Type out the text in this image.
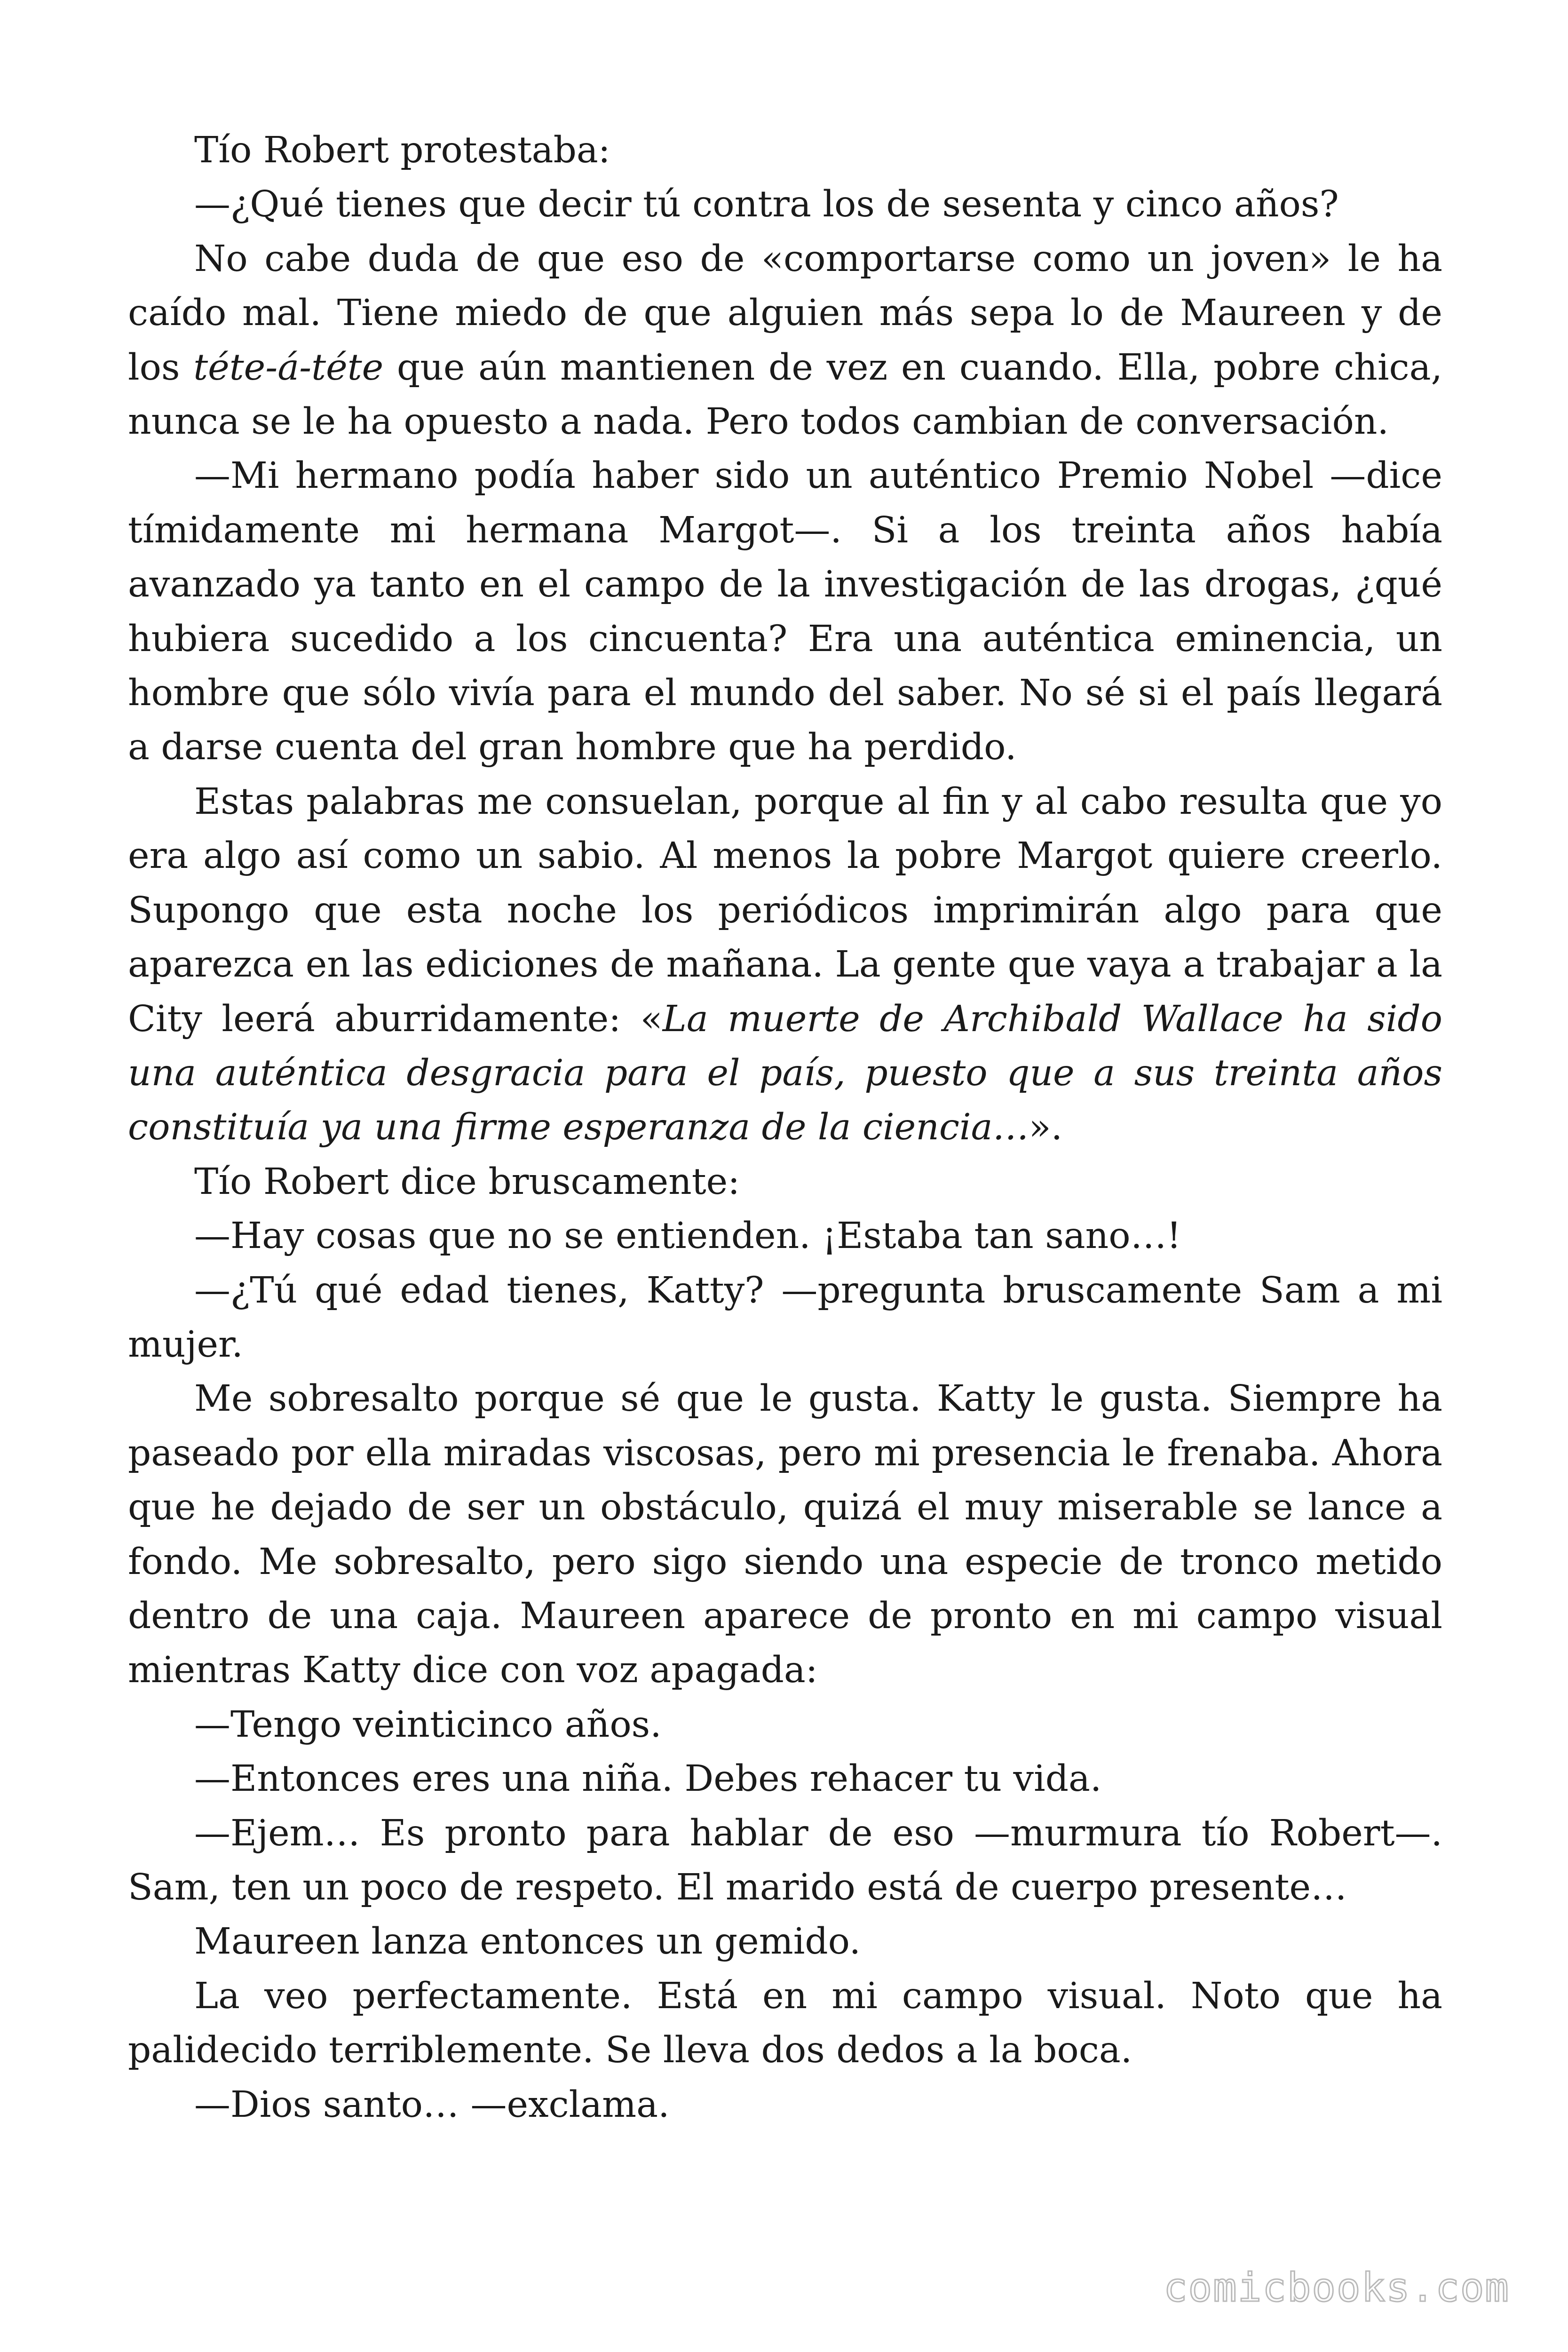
Tío Robert protestaba:

—¿Qué tienes que decir tú contra los de sesenta y cinco años?

No cabe duda de que eso de «comportarse como un joven» le ha caído mal. Tiene miedo de que alguien más sepa lo de Maureen y de los téte-á-téte que aún mantienen de vez en cuando. Ella, pobre chica, nunca se le ha opuesto a nada. Pero todos cambian de conversación.

—Mi hermano podía haber sido un auténtico Premio Nobel —dice tímidamente mi hermana Margot—. Si a los treinta años había avanzado ya tanto en el campo de la investigación de las drogas, ¿qué hubiera sucedido a los cincuenta? Era una auténtica eminencia, un hombre que sólo vivía para el mundo del saber. No sé si el país llegará a darse cuenta del gran hombre que ha perdido.

Estas palabras me consuelan, porque al fin y al cabo resulta que yo era algo así como un sabio. Al menos la pobre Margot quiere creerlo. Supongo que esta noche los periódicos imprimirán algo para que aparezca en las ediciones de mañana. La gente que vaya a trabajar a la City leerá aburridamente: «La muerte de Archibald Wallace ha sido una auténtica desgracia para el país, puesto que a sus treinta años constituía ya una firme esperanza de la ciencia…».

Tío Robert dice bruscamente:

—Hay cosas que no se entienden. ¡Estaba tan sano…!

—¿Tú qué edad tienes, Katty? —pregunta bruscamente Sam a mi mujer.

Me sobresalto porque sé que le gusta. Katty le gusta. Siempre ha paseado por ella miradas viscosas, pero mi presencia le frenaba. Ahora que he dejado de ser un obstáculo, quizá el muy miserable se lance a fondo. Me sobresalto, pero sigo siendo una especie de tronco metido dentro de una caja. Maureen aparece de pronto en mi campo visual mientras Katty dice con voz apagada:

—Tengo veinticinco años.

—Entonces eres una niña. Debes rehacer tu vida.

—Ejem… Es pronto para hablar de eso —murmura tío Robert—. Sam, ten un poco de respeto. El marido está de cuerpo presente…

Maureen lanza entonces un gemido.

La veo perfectamente. Está en mi campo visual. Noto que ha palidecido terriblemente. Se lleva dos dedos a la boca.

—Dios santo… —exclama.

comicbooks.com
